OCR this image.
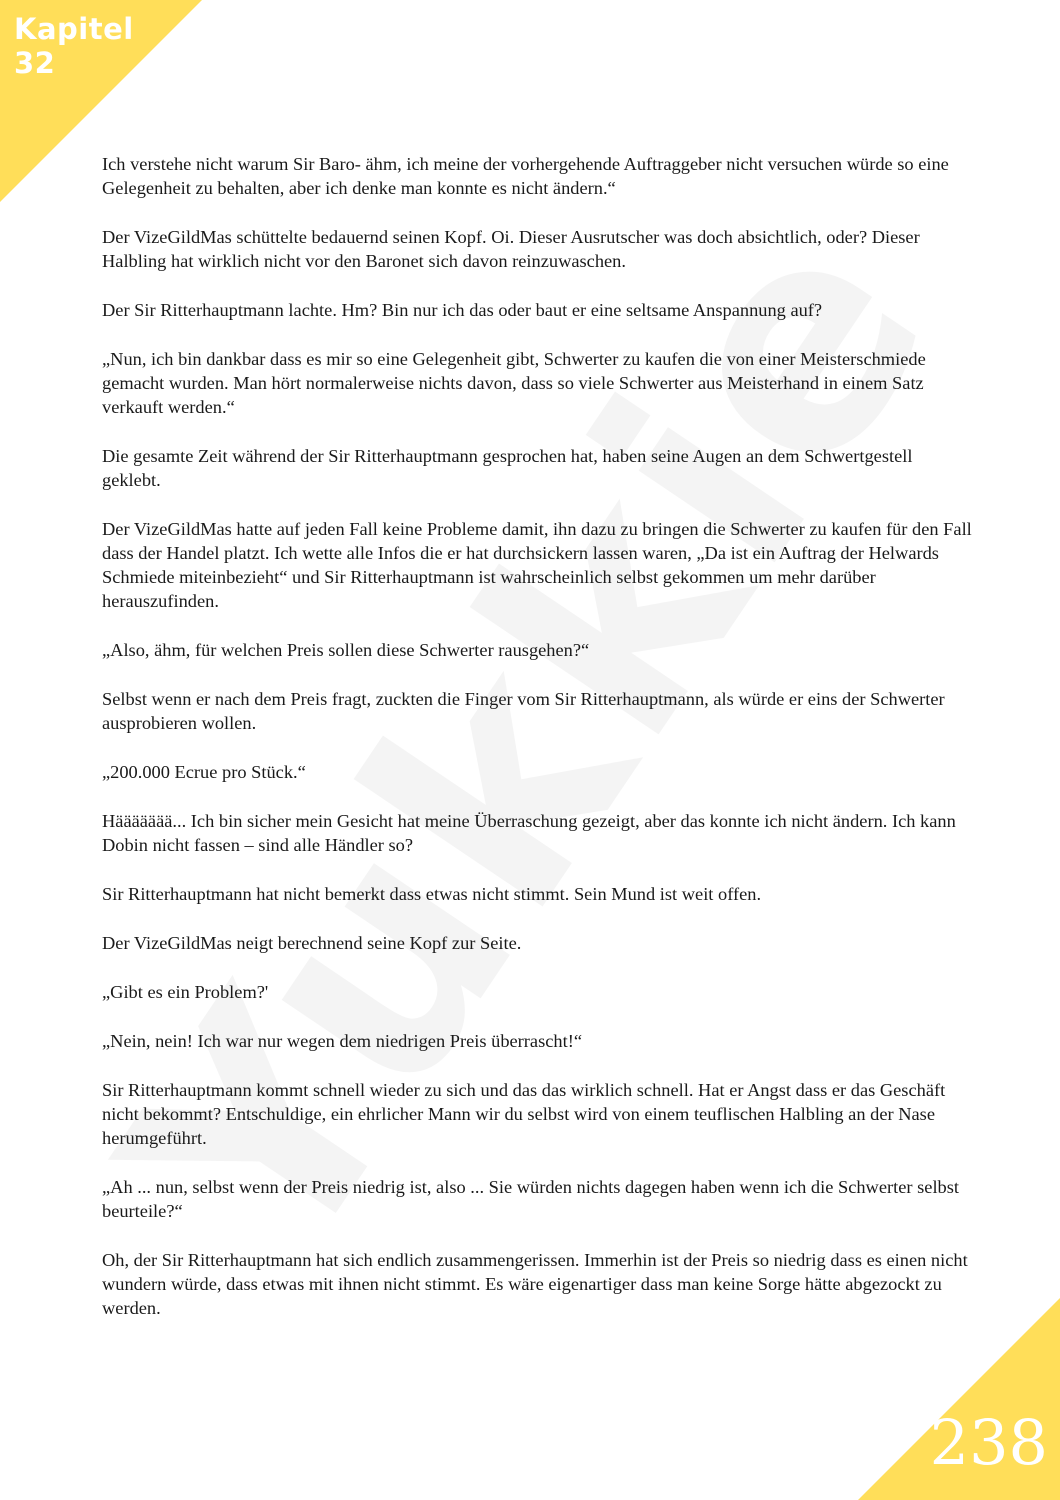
Kapitel
32

Ich verstehe nicht warum Sir Baro- ähm, ich meine der vorhergehende Auftraggeber nicht versuchen würde so eine Gelegenheit zu behalten, aber ich denke man konnte es nicht ändern.“

Der VizeGildMas schüttelte bedauernd seinen Kopf. Oi. Dieser Ausrutscher was doch absichtlich, oder? Dieser Halbling hat wirklich nicht vor den Baronet sich davon reinzuwaschen.

Der Sir Ritterhauptmann lachte. Hm? Bin nur ich das oder baut er eine seltsame Anspannung auf?

„Nun, ich bin dankbar dass es mir so eine Gelegenheit gibt, Schwerter zu kaufen die von einer Meisterschmiede gemacht wurden. Man hört normalerweise nichts davon, dass so viele Schwerter aus Meisterhand in einem Satz verkauft werden.“

Die gesamte Zeit während der Sir Ritterhauptmann gesprochen hat, haben seine Augen an dem Schwertgestell geklebt.

Der VizeGildMas hatte auf jeden Fall keine Probleme damit, ihn dazu zu bringen die Schwerter zu kaufen für den Fall dass der Handel platzt. Ich wette alle Infos die er hat durchsickern lassen waren, „Da ist ein Auftrag der Helwards Schmiede miteinbezieht“ und Sir Ritterhauptmann ist wahrscheinlich selbst gekommen um mehr darüber herauszufinden.

„Also, ähm, für welchen Preis sollen diese Schwerter rausgehen?“

Selbst wenn er nach dem Preis fragt, zuckten die Finger vom Sir Ritterhauptmann, als würde er eins der Schwerter ausprobieren wollen.

„200.000 Ecrue pro Stück.“

Häääääää... Ich bin sicher mein Gesicht hat meine Überraschung gezeigt, aber das konnte ich nicht ändern. Ich kann Dobin nicht fassen – sind alle Händler so?

Sir Ritterhauptmann hat nicht bemerkt dass etwas nicht stimmt. Sein Mund ist weit offen.

Der VizeGildMas neigt berechnend seine Kopf zur Seite.

„Gibt es ein Problem?'

„Nein, nein! Ich war nur wegen dem niedrigen Preis überrascht!“

Sir Ritterhauptmann kommt schnell wieder zu sich und das das wirklich schnell. Hat er Angst dass er das Geschäft nicht bekommt? Entschuldige, ein ehrlicher Mann wir du selbst wird von einem teuflischen Halbling an der Nase herumgeführt.

„Ah ... nun, selbst wenn der Preis niedrig ist, also ... Sie würden nichts dagegen haben wenn ich die Schwerter selbst beurteile?“

Oh, der Sir Ritterhauptmann hat sich endlich zusammengerissen. Immerhin ist der Preis so niedrig dass es einen nicht wundern würde, dass etwas mit ihnen nicht stimmt. Es wäre eigenartiger dass man keine Sorge hätte abgezockt zu werden.

238
